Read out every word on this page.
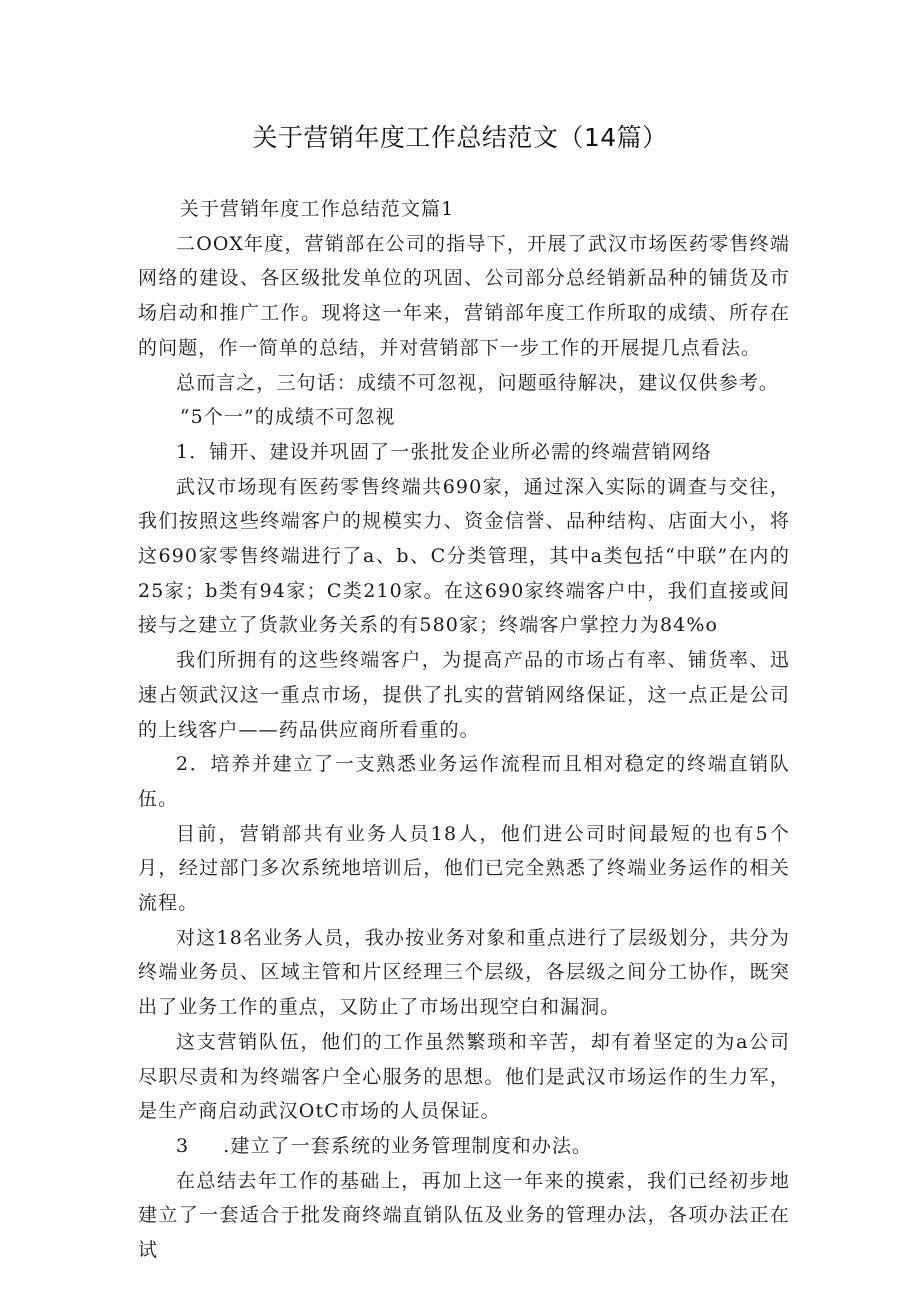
关于营销年度工作总结范文（14篇）

关于营销年度工作总结范文篇1

二OOX年度，营销部在公司的指导下，开展了武汉市场医药零售终端网络的建设、各区级批发单位的巩固、公司部分总经销新品种的铺货及市场启动和推广工作。现将这一年来，营销部年度工作所取的成绩、所存在的问题，作一简单的总结，并对营销部下一步工作的开展提几点看法。

总而言之，三句话：成绩不可忽视，问题亟待解决，建议仅供参考。

“5个一”的成绩不可忽视

1．铺开、建设并巩固了一张批发企业所必需的终端营销网络

武汉市场现有医药零售终端共690家，通过深入实际的调查与交往，我们按照这些终端客户的规模实力、资金信誉、品种结构、店面大小，将这690家零售终端进行了a、b、C分类管理，其中a类包括“中联”在内的25家；b类有94家；C类210家。在这690家终端客户中，我们直接或间接与之建立了货款业务关系的有580家；终端客户掌控力为84%o

我们所拥有的这些终端客户，为提高产品的市场占有率、铺货率、迅速占领武汉这一重点市场，提供了扎实的营销网络保证，这一点正是公司的上线客户——药品供应商所看重的。

2．培养并建立了一支熟悉业务运作流程而且相对稳定的终端直销队伍。

目前，营销部共有业务人员18人，他们进公司时间最短的也有5个月，经过部门多次系统地培训后，他们已完全熟悉了终端业务运作的相关流程。

对这18名业务人员，我办按业务对象和重点进行了层级划分，共分为终端业务员、区域主管和片区经理三个层级，各层级之间分工协作，既突出了业务工作的重点，又防止了市场出现空白和漏洞。

这支营销队伍，他们的工作虽然繁琐和辛苦，却有着坚定的为a公司尽职尽责和为终端客户全心服务的思想。他们是武汉市场运作的生力军，是生产商启动武汉OtC市场的人员保证。

3 .建立了一套系统的业务管理制度和办法。

在总结去年工作的基础上，再加上这一年来的摸索，我们已经初步地建立了一套适合于批发商终端直销队伍及业务的管理办法，各项办法正在试
